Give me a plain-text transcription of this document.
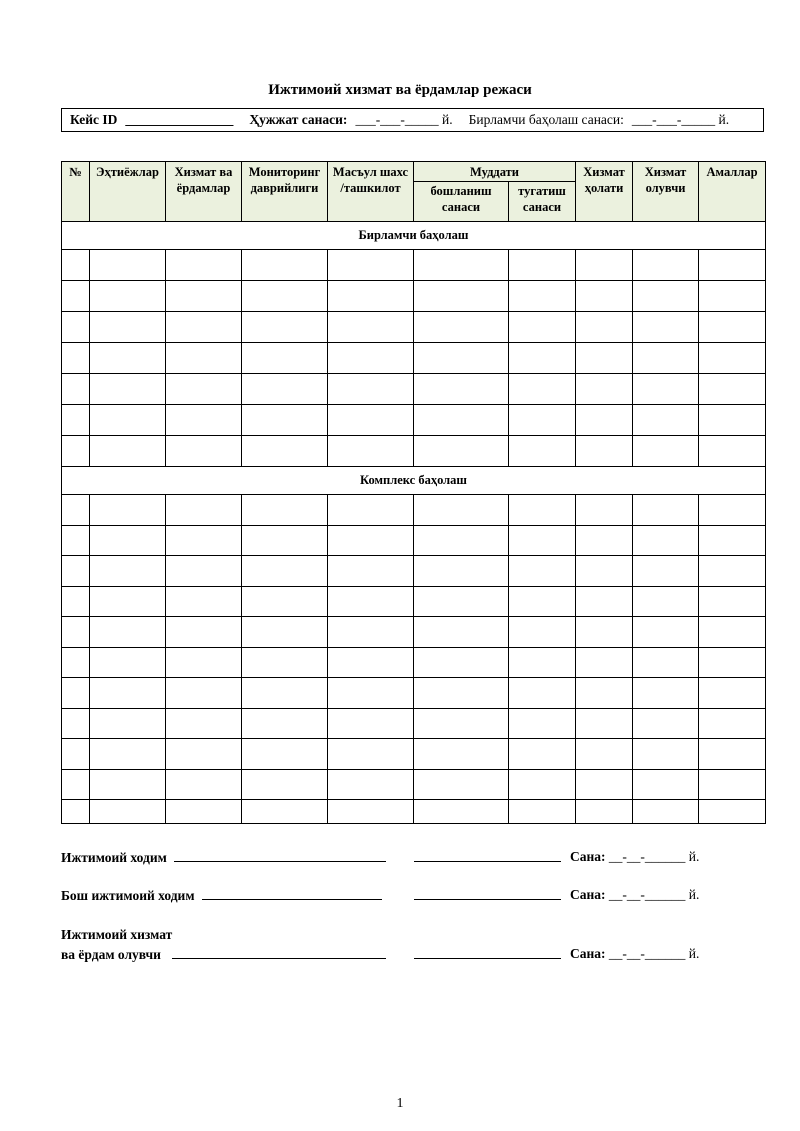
Ижтимоий хизмат ва ёрдамлар режаси
Кейс ID ________________ Ҳужжат санаси: ___-___-_____ й. Бирламчи баҳолаш санаси: ___-___-_____ й.
№	Эҳтиёжлар	Хизмат ва ёрдамлар	Мониторинг даврийлиги	Масъул шахс /ташкилот	Муддати		Хизмат ҳолати	Хизмат олувчи	Амаллар
					бошланиш санаси	тугатиш санаси			
Бирламчи баҳолаш									

Комплекс баҳолаш									

Ижтимоий ходим	Сана: __-__-______ й.
Бош ижтимоий ходим	Сана: __-__-______ й.
Ижтимоий хизмат
ва ёрдам олувчи	Сана: __-__-______ й.
1
